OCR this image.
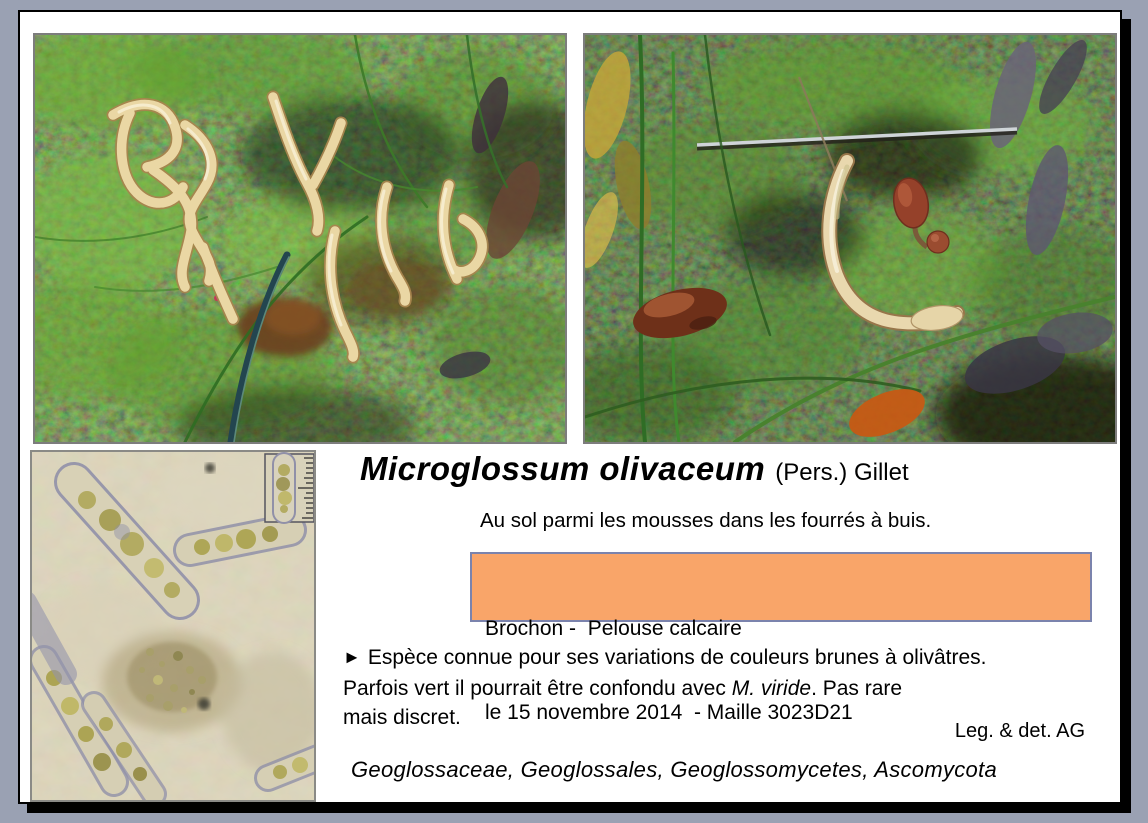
Microglossum olivaceum (Pers.) Gillet
Au sol parmi les mousses dans les fourrés à buis.

Brochon -  Pelouse calcaire

le 15 novembre 2014  - Maille 3023D21

► Espèce connue pour ses variations de couleurs brunes à olivâtres.
Parfois vert il pourrait être confondu avec M. viride. Pas rare
mais discret.
Leg. & det. AG
Geoglossaceae, Geoglossales, Geoglossomycetes, Ascomycota
